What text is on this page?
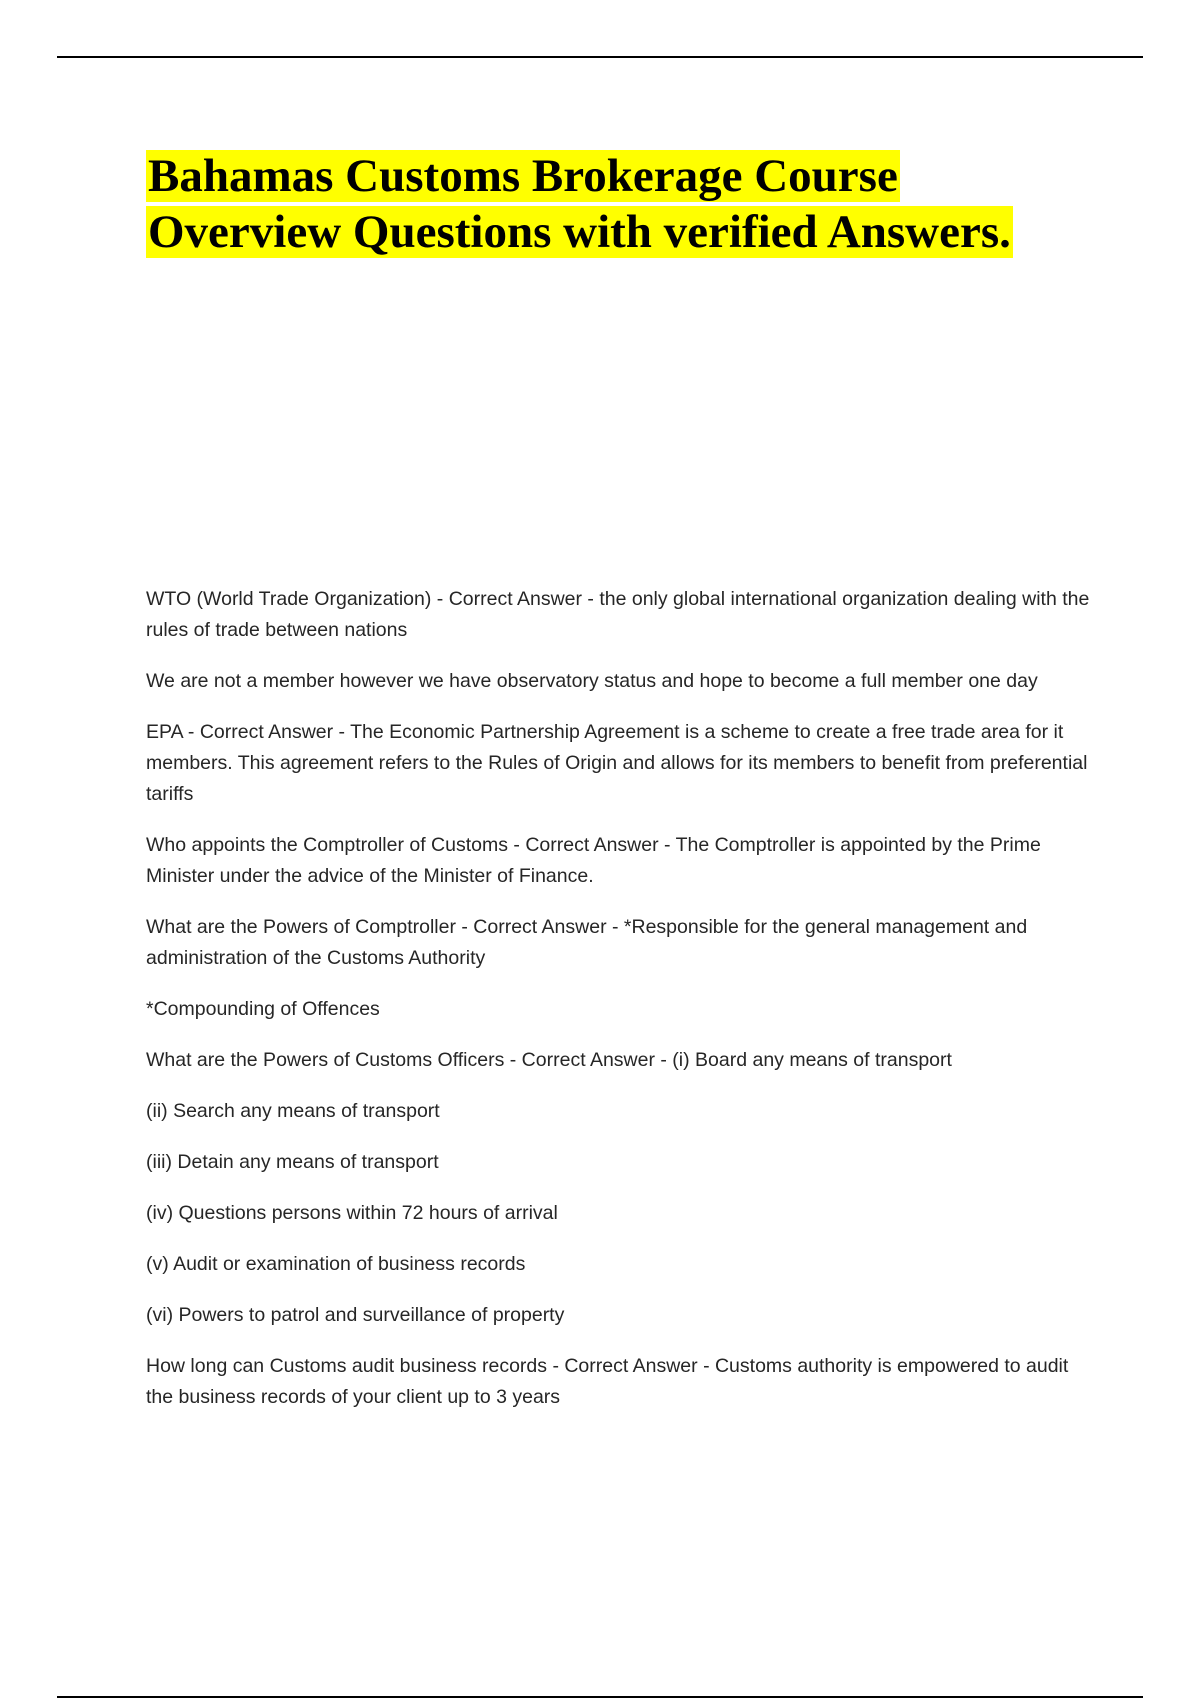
Bahamas Customs Brokerage Course
Overview Questions with verified Answers.

WTO (World Trade Organization) - Correct Answer - the only global international organization dealing with the rules of trade between nations

We are not a member however we have observatory status and hope to become a full member one day

EPA - Correct Answer - The Economic Partnership Agreement is a scheme to create a free trade area for it members. This agreement refers to the Rules of Origin and allows for its members to benefit from preferential tariffs

Who appoints the Comptroller of Customs - Correct Answer - The Comptroller is appointed by the Prime Minister under the advice of the Minister of Finance.

What are the Powers of Comptroller - Correct Answer - *Responsible for the general management and administration of the Customs Authority

*Compounding of Offences

What are the Powers of Customs Officers - Correct Answer - (i) Board any means of transport

(ii) Search any means of transport

(iii) Detain any means of transport

(iv) Questions persons within 72 hours of arrival

(v) Audit or examination of business records

(vi) Powers to patrol and surveillance of property

How long can Customs audit business records - Correct Answer - Customs authority is empowered to audit the business records of your client up to 3 years
